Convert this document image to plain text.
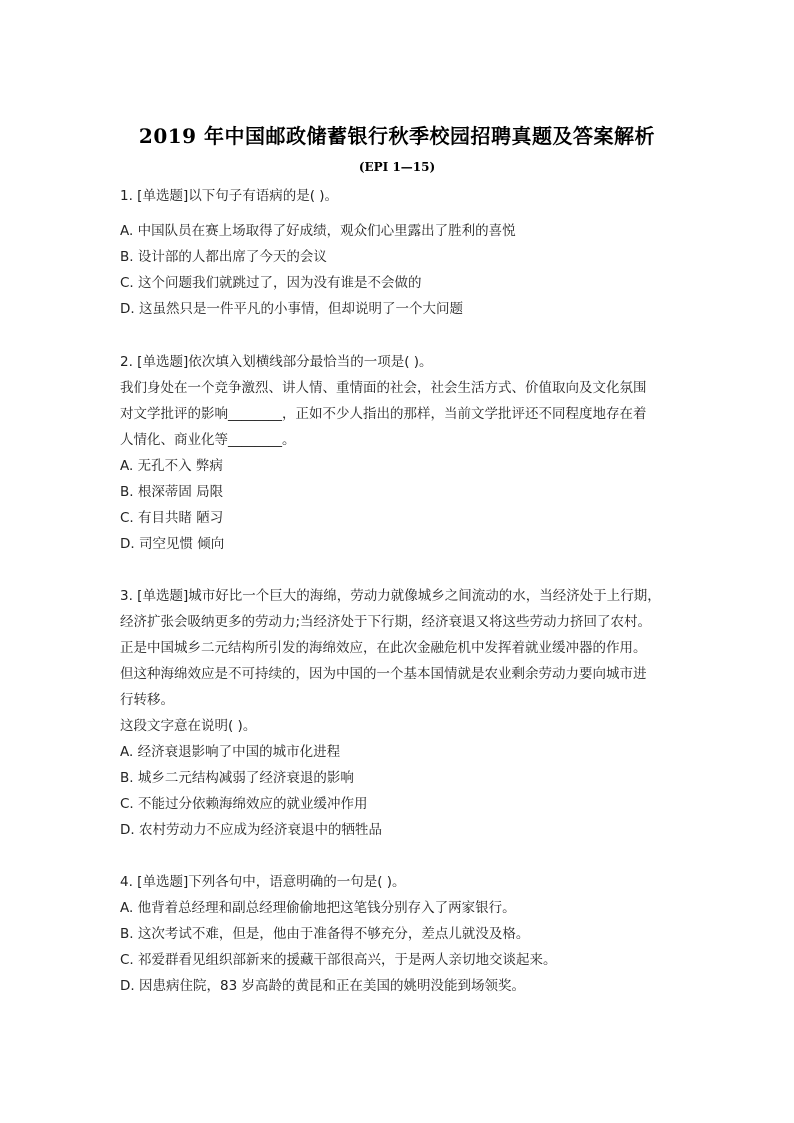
2019 年中国邮政储蓄银行秋季校园招聘真题及答案解析
(EPI 1—15)
1. [单选题]以下句子有语病的是( )。
A. 中国队员在赛上场取得了好成绩，观众们心里露出了胜利的喜悦
B. 设计部的人都出席了今天的会议
C. 这个问题我们就跳过了，因为没有谁是不会做的
D. 这虽然只是一件平凡的小事情，但却说明了一个大问题
2. [单选题]依次填入划横线部分最恰当的一项是( )。
我们身处在一个竞争激烈、讲人情、重情面的社会，社会生活方式、价值取向及文化氛围
对文学批评的影响________，正如不少人指出的那样，当前文学批评还不同程度地存在着
人情化、商业化等________。
A. 无孔不入 弊病
B. 根深蒂固 局限
C. 有目共睹 陋习
D. 司空见惯 倾向
3. [单选题]城市好比一个巨大的海绵，劳动力就像城乡之间流动的水，当经济处于上行期，
经济扩张会吸纳更多的劳动力;当经济处于下行期，经济衰退又将这些劳动力挤回了农村。
正是中国城乡二元结构所引发的海绵效应，在此次金融危机中发挥着就业缓冲器的作用。
但这种海绵效应是不可持续的，因为中国的一个基本国情就是农业剩余劳动力要向城市进
行转移。
这段文字意在说明( )。
A. 经济衰退影响了中国的城市化进程
B. 城乡二元结构减弱了经济衰退的影响
C. 不能过分依赖海绵效应的就业缓冲作用
D. 农村劳动力不应成为经济衰退中的牺牲品
4. [单选题]下列各句中，语意明确的一句是( )。
A. 他背着总经理和副总经理偷偷地把这笔钱分别存入了两家银行。
B. 这次考试不难，但是，他由于准备得不够充分，差点儿就没及格。
C. 祁爱群看见组织部新来的援藏干部很高兴，于是两人亲切地交谈起来。
D. 因患病住院，83 岁高龄的黄昆和正在美国的姚明没能到场领奖。
